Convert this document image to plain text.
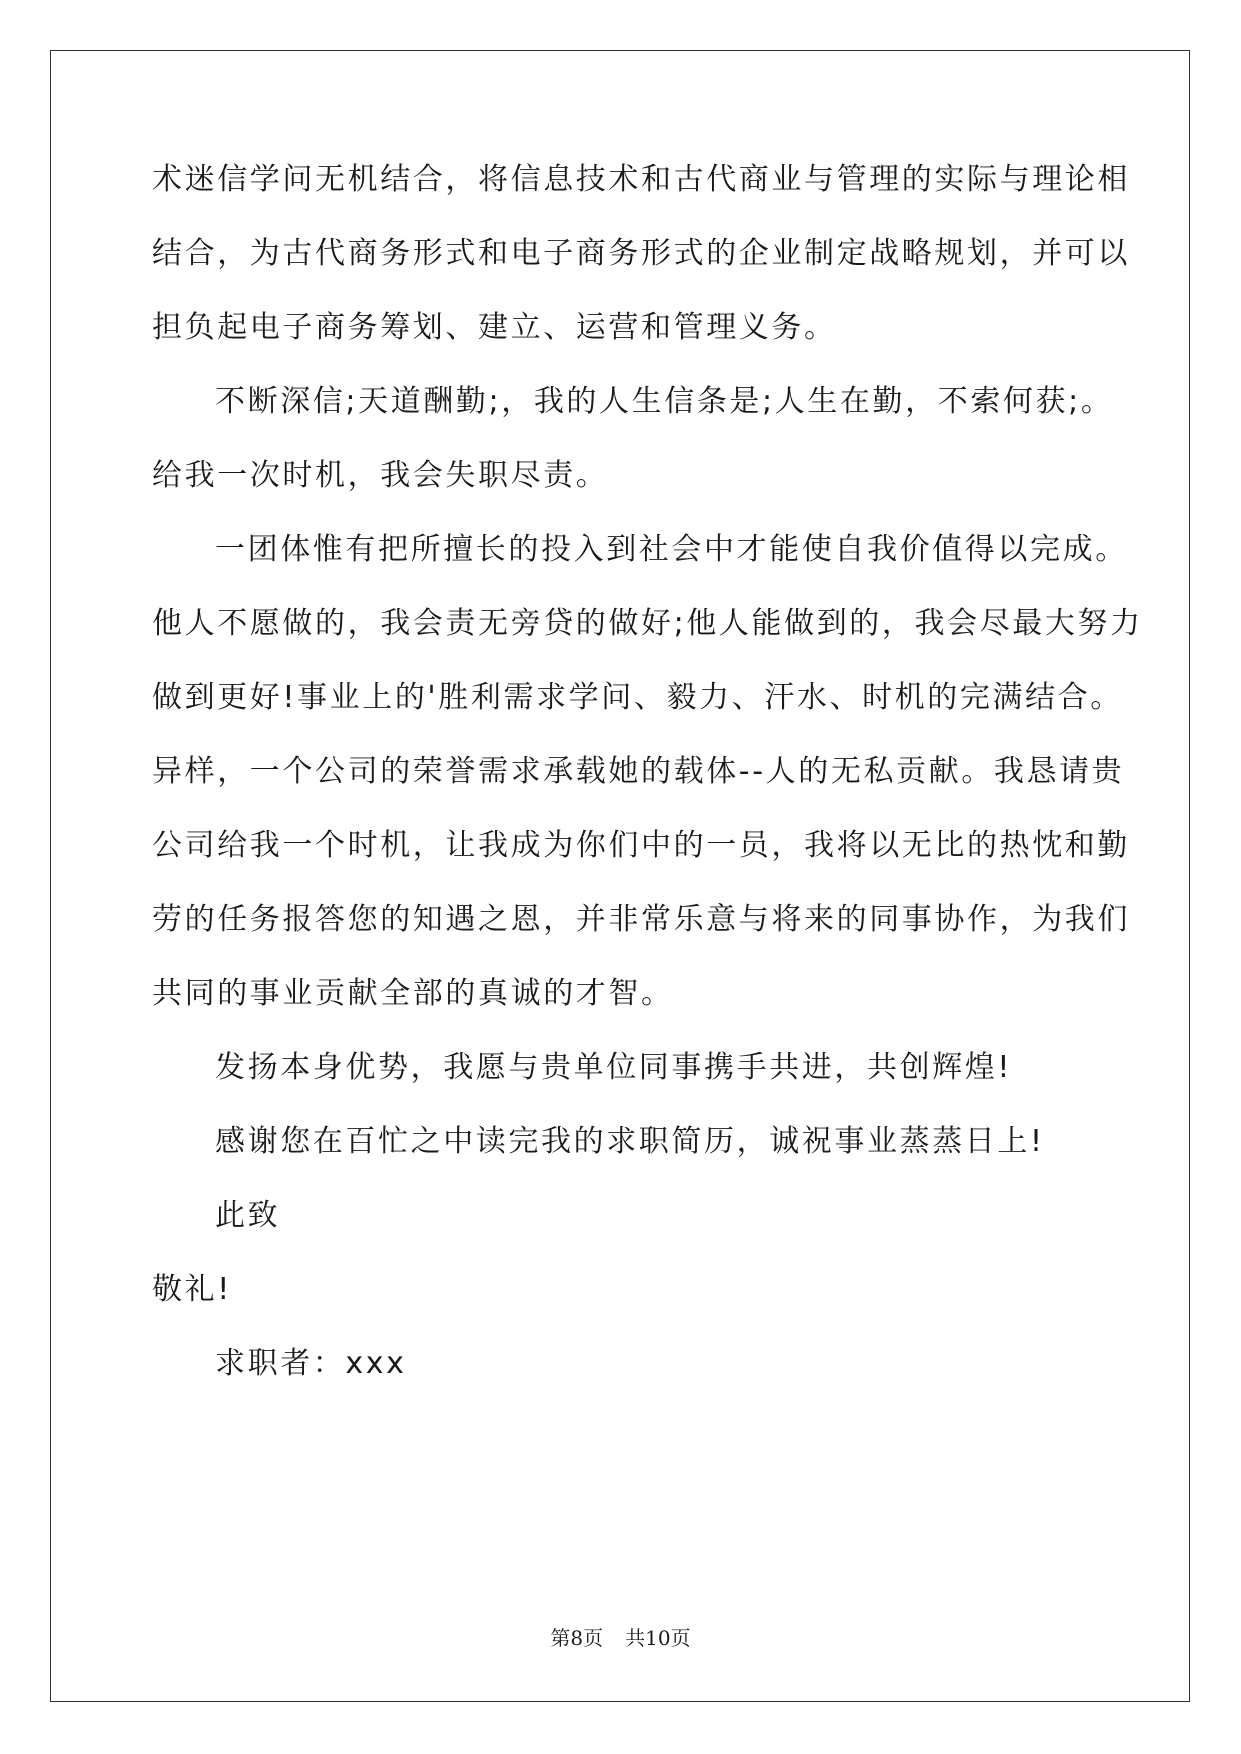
术迷信学问无机结合，将信息技术和古代商业与管理的实际与理论相
结合，为古代商务形式和电子商务形式的企业制定战略规划，并可以
担负起电子商务筹划、建立、运营和管理义务。
不断深信;天道酬勤;，我的人生信条是;人生在勤，不索何获;。
给我一次时机，我会失职尽责。
一团体惟有把所擅长的投入到社会中才能使自我价值得以完成。
他人不愿做的，我会责无旁贷的做好;他人能做到的，我会尽最大努力
做到更好!事业上的'胜利需求学问、毅力、汗水、时机的完满结合。
异样，一个公司的荣誉需求承载她的载体--人的无私贡献。我恳请贵
公司给我一个时机，让我成为你们中的一员，我将以无比的热忱和勤
劳的任务报答您的知遇之恩，并非常乐意与将来的同事协作，为我们
共同的事业贡献全部的真诚的才智。
发扬本身优势，我愿与贵单位同事携手共进，共创辉煌!
感谢您在百忙之中读完我的求职简历，诚祝事业蒸蒸日上!
此致
敬礼!
求职者：xxx
第8页 共10页
